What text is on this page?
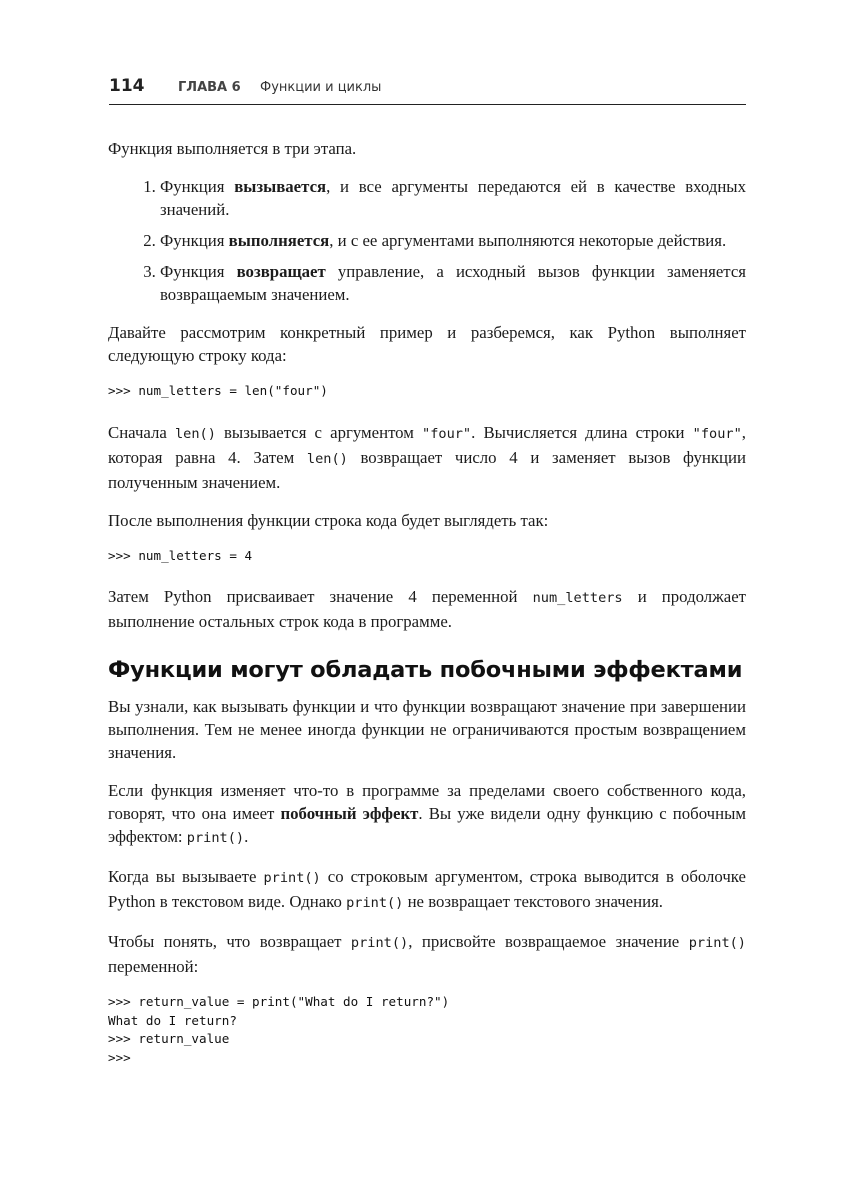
114	ГЛАВА 6 Функции и циклы

Функция выполняется в три этапа.

1. Функция вызывается, и все аргументы передаются ей в качестве входных значений.
2. Функция выполняется, и с ее аргументами выполняются некоторые действия.
3. Функция возвращает управление, а исходный вызов функции заменяется возвращаемым значением.

Давайте рассмотрим конкретный пример и разберемся, как Python выполняет следующую строку кода:

>>> num_letters = len("four")

Сначала len() вызывается с аргументом "four". Вычисляется длина строки "four", которая равна 4. Затем len() возвращает число 4 и заменяет вызов функции полученным значением.

После выполнения функции строка кода будет выглядеть так:

>>> num_letters = 4

Затем Python присваивает значение 4 переменной num_letters и продолжает выполнение остальных строк кода в программе.

Функции могут обладать побочными эффектами

Вы узнали, как вызывать функции и что функции возвращают значение при завершении выполнения. Тем не менее иногда функции не ограничиваются простым возвращением значения.

Если функция изменяет что-то в программе за пределами своего собственного кода, говорят, что она имеет побочный эффект. Вы уже видели одну функцию с побочным эффектом: print().

Когда вы вызываете print() со строковым аргументом, строка выводится в оболочке Python в текстовом виде. Однако print() не возвращает текстового значения.

Чтобы понять, что возвращает print(), присвойте возвращаемое значение print() переменной:

>>> return_value = print("What do I return?")
What do I return?
>>> return_value
>>>
